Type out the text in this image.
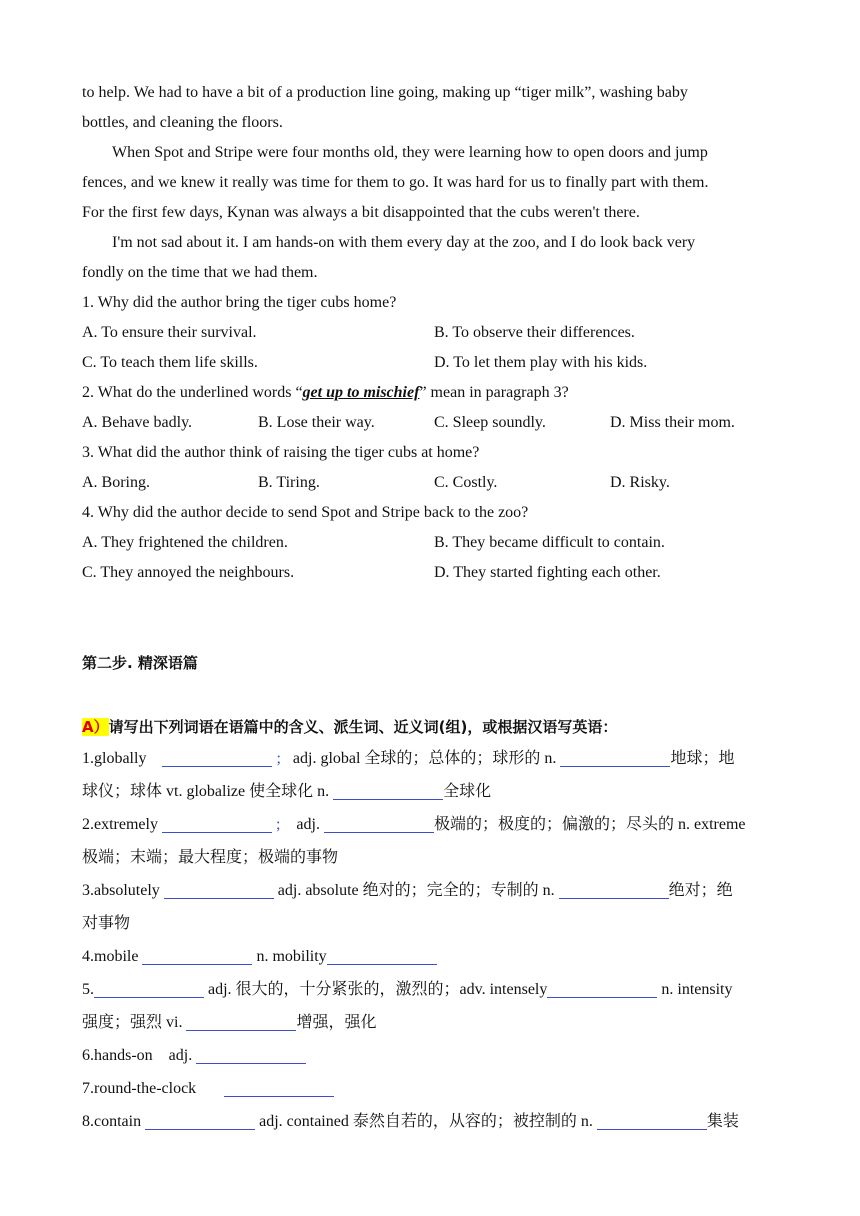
to help. We had to have a bit of a production line going, making up “tiger milk”, washing baby
bottles, and cleaning the floors.
When Spot and Stripe were four months old, they were learning how to open doors and jump
fences, and we knew it really was time for them to go. It was hard for us to finally part with them.
For the first few days, Kynan was always a bit disappointed that the cubs weren't there.
I'm not sad about it. I am hands-on with them every day at the zoo, and I do look back very
fondly on the time that we had them.
1. Why did the author bring the tiger cubs home?
A. To ensure their survival.	B. To observe their differences.
C. To teach them life skills.	D. To let them play with his kids.
2. What do the underlined words “get up to mischief” mean in paragraph 3?
A. Behave badly.	B. Lose their way.	C. Sleep soundly.	D. Miss their mom.
3. What did the author think of raising the tiger cubs at home?
A. Boring.	B. Tiring.	C. Costly.	D. Risky.
4. Why did the author decide to send Spot and Stripe back to the zoo?
A. They frightened the children.	B. They became difficult to contain.
C. They annoyed the neighbours.	D. They started fighting each other.
第二步. 精深语篇
A）请写出下列词语在语篇中的含义、派生词、近义词(组)，或根据汉语写英语：
1.globally	; adj. global 全球的；总体的；球形的 n.	地球；地
球仪；球体 vt. globalize 使全球化 n.	全球化
2.extremely	; adj.	极端的；极度的；偏激的；尽头的 n. extreme
极端；末端；最大程度；极端的事物
3.absolutely	adj. absolute 绝对的；完全的；专制的 n.	绝对；绝
对事物
4.mobile	n. mobility
5.	adj. 很大的，十分紧张的，激烈的；adv. intensely	n. intensity
强度；强烈 vi.	增强，强化
6.hands-on adj.
7.round-the-clock
8.contain	adj. contained 泰然自若的，从容的；被控制的 n.	集装
